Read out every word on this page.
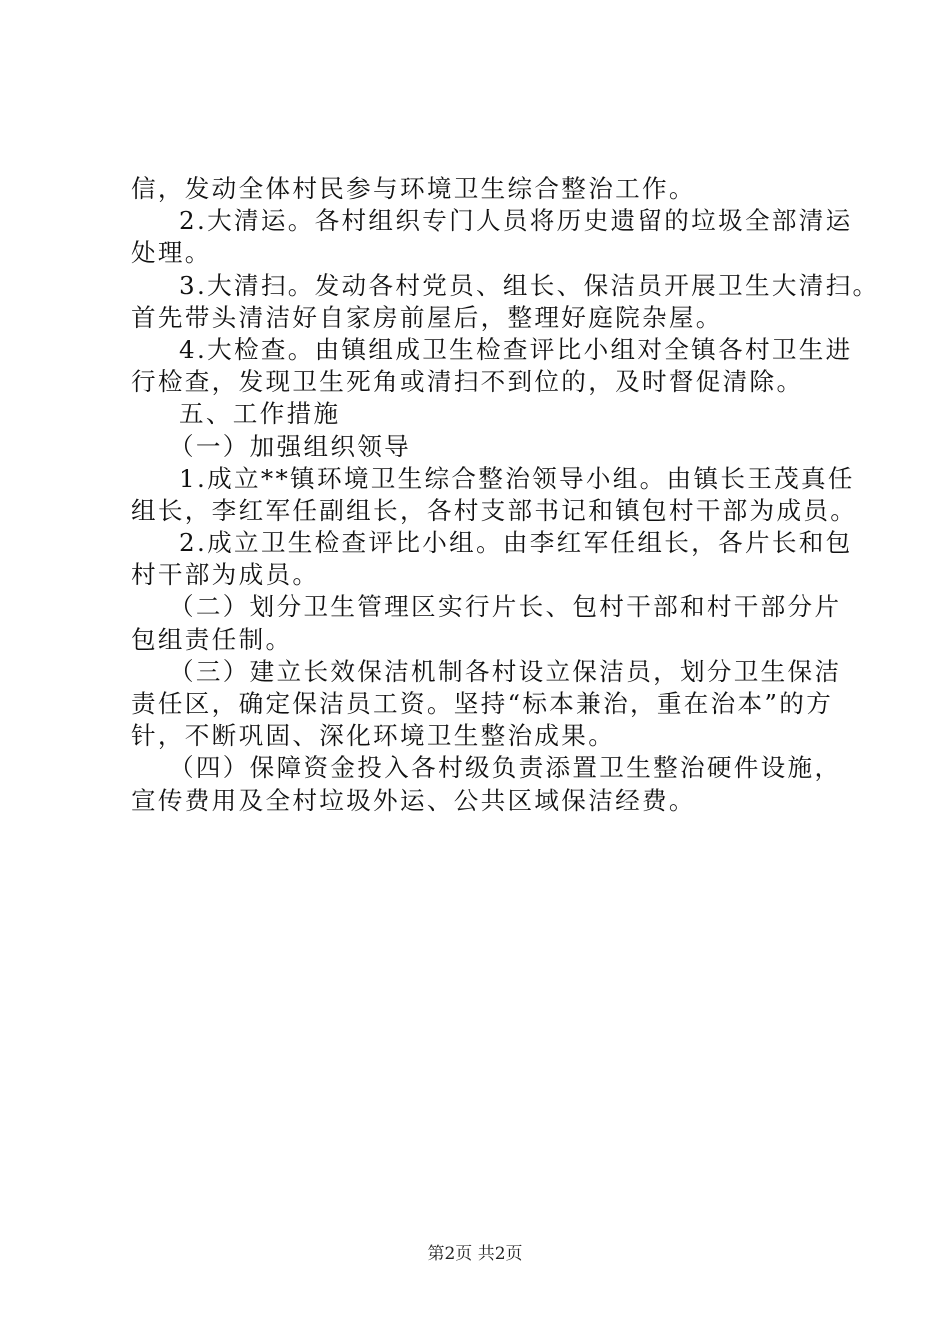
信，发动全体村民参与环境卫生综合整治工作。
2.大清运。各村组织专门人员将历史遗留的垃圾全部清运
处理。
3.大清扫。发动各村党员、组长、保洁员开展卫生大清扫。
首先带头清洁好自家房前屋后，整理好庭院杂屋。
4.大检查。由镇组成卫生检查评比小组对全镇各村卫生进
行检查，发现卫生死角或清扫不到位的，及时督促清除。
五、工作措施
（一）加强组织领导
1.成立**镇环境卫生综合整治领导小组。由镇长王茂真任
组长，李红军任副组长，各村支部书记和镇包村干部为成员。
2.成立卫生检查评比小组。由李红军任组长，各片长和包
村干部为成员。
（二）划分卫生管理区实行片长、包村干部和村干部分片
包组责任制。
（三）建立长效保洁机制各村设立保洁员，划分卫生保洁
责任区，确定保洁员工资。坚持“标本兼治，重在治本”的方
针，不断巩固、深化环境卫生整治成果。
（四）保障资金投入各村级负责添置卫生整治硬件设施，
宣传费用及全村垃圾外运、公共区域保洁经费。
第2页 共2页
